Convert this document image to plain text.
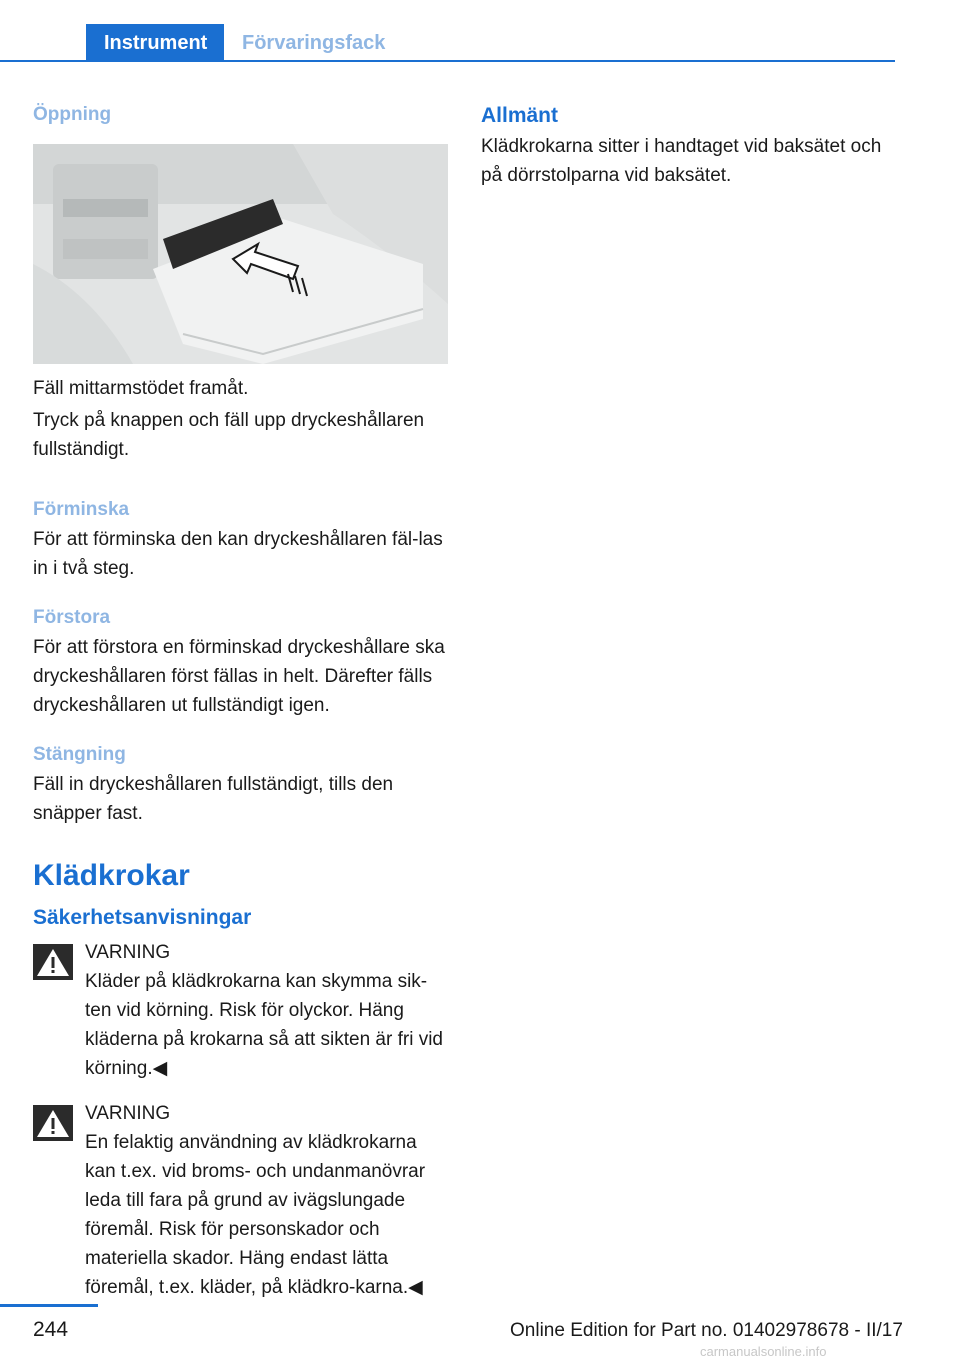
Instrument	Förvaringsfack
Öppning

Fäll mittarmstödet framåt.

Tryck på knappen och fäll upp dryckeshållaren fullständigt.

Förminska

För att förminska den kan dryckeshållaren fäl-las in i två steg.

Förstora

För att förstora en förminskad dryckeshållare ska dryckeshållaren först fällas in helt. Därefter fälls dryckeshållaren ut fullständigt igen.

Stängning

Fäll in dryckeshållaren fullständigt, tills den snäpper fast.

Klädkrokar
Säkerhetsanvisningar

VARNING

Kläder på klädkrokarna kan skymma sik-ten vid körning. Risk för olyckor. Häng kläderna på krokarna så att sikten är fri vid körning.◀

VARNING

En felaktig användning av klädkrokarna kan t.ex. vid broms- och undanmanövrar leda till fara på grund av ivägslungade föremål. Risk för personskador och materiella skador. Häng endast lätta föremål, t.ex. kläder, på klädkro-karna.◀

Allmänt

Klädkrokarna sitter i handtaget vid baksätet och på dörrstolparna vid baksätet.

244	Online Edition for Part no. 01402978678 - II/17
carmanualsonline.info
